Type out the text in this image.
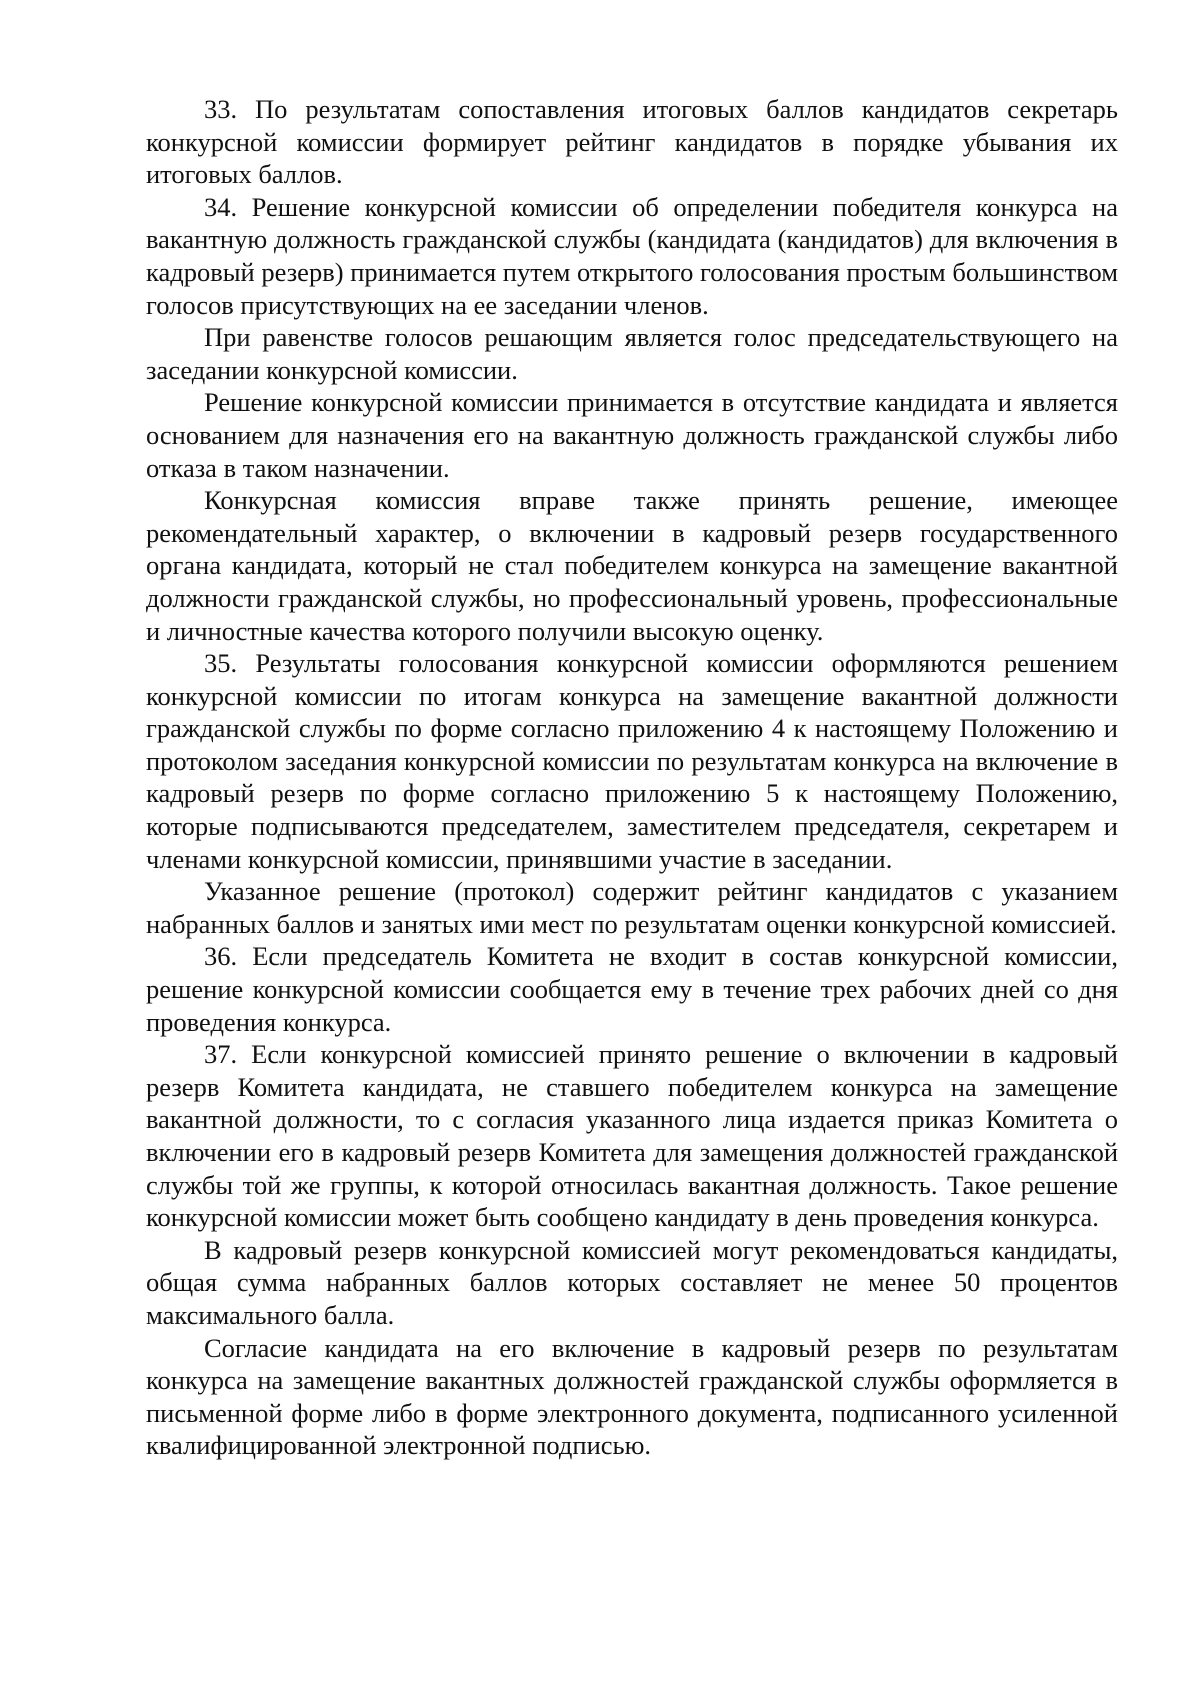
33. По результатам сопоставления итоговых баллов кандидатов секретарь конкурсной комиссии формирует рейтинг кандидатов в порядке убывания их итоговых баллов.

34. Решение конкурсной комиссии об определении победителя конкурса на вакантную должность гражданской службы (кандидата (кандидатов) для включения в кадровый резерв) принимается путем открытого голосования простым большинством голосов присутствующих на ее заседании членов.

При равенстве голосов решающим является голос председательствующего на заседании конкурсной комиссии.

Решение конкурсной комиссии принимается в отсутствие кандидата и является основанием для назначения его на вакантную должность гражданской службы либо отказа в таком назначении.

Конкурсная комиссия вправе также принять решение, имеющее рекомендательный характер, о включении в кадровый резерв государственного органа кандидата, который не стал победителем конкурса на замещение вакантной должности гражданской службы, но профессиональный уровень, профессиональные и личностные качества которого получили высокую оценку.

35. Результаты голосования конкурсной комиссии оформляются решением конкурсной комиссии по итогам конкурса на замещение вакантной должности гражданской службы по форме согласно приложению 4 к настоящему Положению и протоколом заседания конкурсной комиссии по результатам конкурса на включение в кадровый резерв по форме согласно приложению 5 к настоящему Положению, которые подписываются председателем, заместителем председателя, секретарем и членами конкурсной комиссии, принявшими участие в заседании.

Указанное решение (протокол) содержит рейтинг кандидатов с указанием набранных баллов и занятых ими мест по результатам оценки конкурсной комиссией.

36. Если председатель Комитета не входит в состав конкурсной комиссии, решение конкурсной комиссии сообщается ему в течение трех рабочих дней со дня проведения конкурса.

37. Если конкурсной комиссией принято решение о включении в кадровый резерв Комитета кандидата, не ставшего победителем конкурса на замещение вакантной должности, то с согласия указанного лица издается приказ Комитета о включении его в кадровый резерв Комитета для замещения должностей гражданской службы той же группы, к которой относилась вакантная должность. Такое решение конкурсной комиссии может быть сообщено кандидату в день проведения конкурса.

В кадровый резерв конкурсной комиссией могут рекомендоваться кандидаты, общая сумма набранных баллов которых составляет не менее 50 процентов максимального балла.

Согласие кандидата на его включение в кадровый резерв по результатам конкурса на замещение вакантных должностей гражданской службы оформляется в письменной форме либо в форме электронного документа, подписанного усиленной квалифицированной электронной подписью.
